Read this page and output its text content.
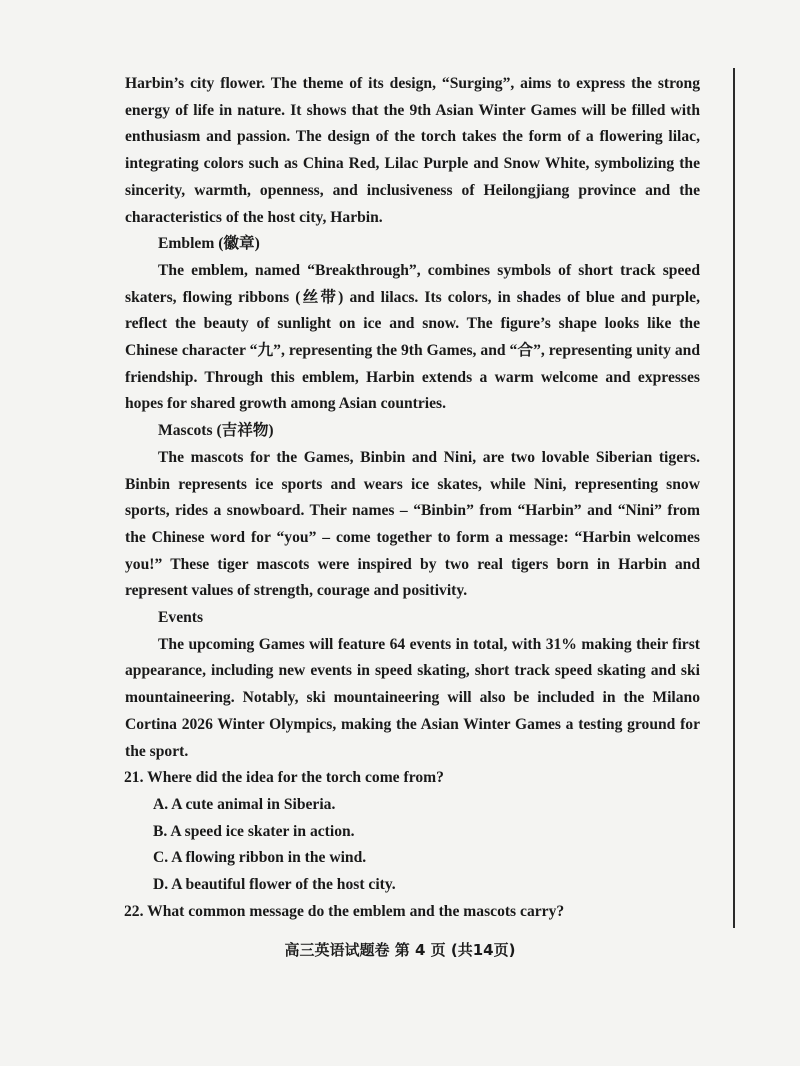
Harbin’s city flower. The theme of its design, “Surging”, aims to express the strong energy of life in nature. It shows that the 9th Asian Winter Games will be filled with enthusiasm and passion. The design of the torch takes the form of a flowering lilac, integrating colors such as China Red, Lilac Purple and Snow White, symbolizing the sincerity, warmth, openness, and inclusiveness of Heilongjiang province and the characteristics of the host city, Harbin.

Emblem (徽章)

The emblem, named “Breakthrough”, combines symbols of short track speed skaters, flowing ribbons (丝带) and lilacs. Its colors, in shades of blue and purple, reflect the beauty of sunlight on ice and snow. The figure’s shape looks like the Chinese character “九”, representing the 9th Games, and “合”, representing unity and friendship. Through this emblem, Harbin extends a warm welcome and expresses hopes for shared growth among Asian countries.

Mascots (吉祥物)

The mascots for the Games, Binbin and Nini, are two lovable Siberian tigers. Binbin represents ice sports and wears ice skates, while Nini, representing snow sports, rides a snowboard. Their names – “Binbin” from “Harbin” and “Nini” from the Chinese word for “you” – come together to form a message: “Harbin welcomes you!” These tiger mascots were inspired by two real tigers born in Harbin and represent values of strength, courage and positivity.

Events

The upcoming Games will feature 64 events in total, with 31% making their first appearance, including new events in speed skating, short track speed skating and ski mountaineering. Notably, ski mountaineering will also be included in the Milano Cortina 2026 Winter Olympics, making the Asian Winter Games a testing ground for the sport.

21. Where did the idea for the torch come from?

A. A cute animal in Siberia.
B. A speed ice skater in action.
C. A flowing ribbon in the wind.
D. A beautiful flower of the host city.

22. What common message do the emblem and the mascots carry?

高三英语试题卷 第 4 页 (共14页)
